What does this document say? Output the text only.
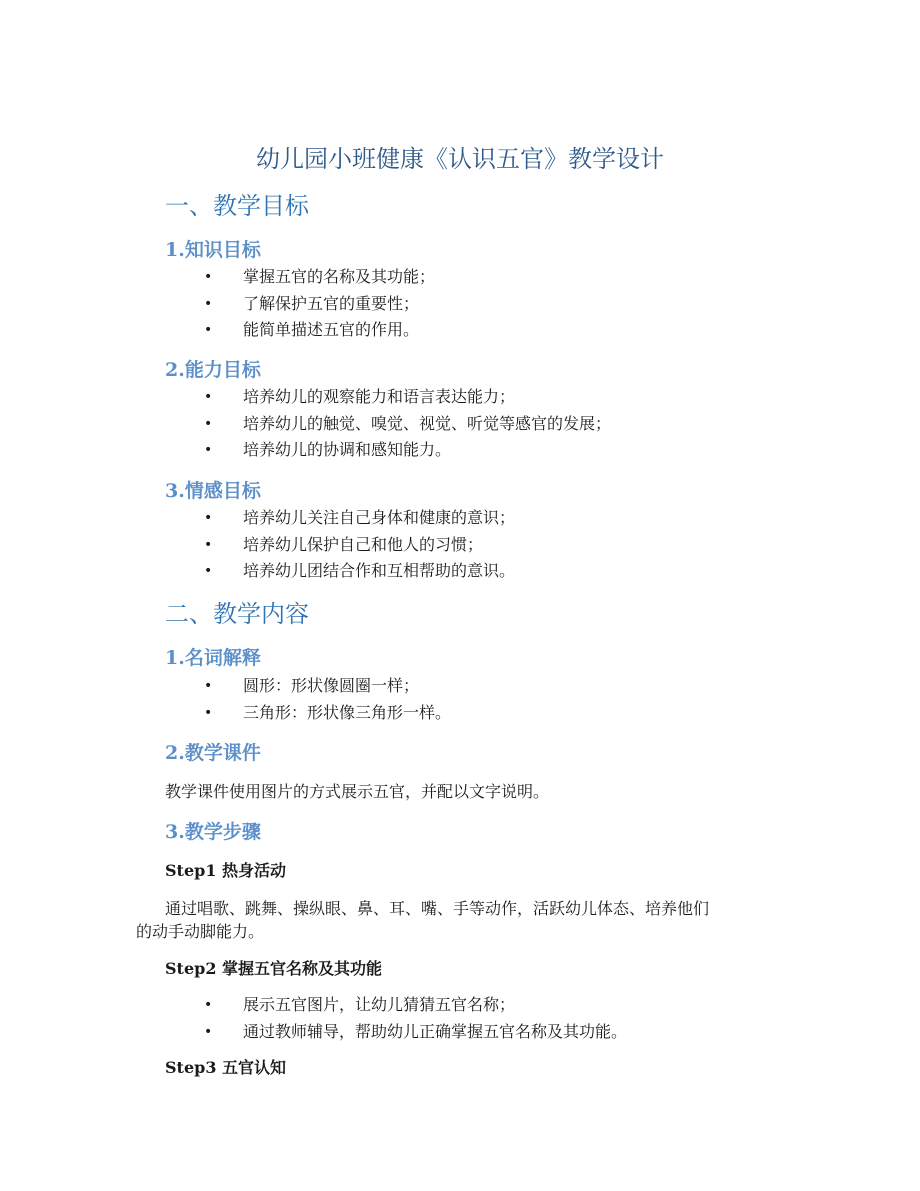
幼儿园小班健康《认识五官》教学设计
一、教学目标
1.知识目标
• 掌握五官的名称及其功能；
• 了解保护五官的重要性；
• 能简单描述五官的作用。
2.能力目标
• 培养幼儿的观察能力和语言表达能力；
• 培养幼儿的触觉、嗅觉、视觉、听觉等感官的发展；
• 培养幼儿的协调和感知能力。
3.情感目标
• 培养幼儿关注自己身体和健康的意识；
• 培养幼儿保护自己和他人的习惯；
• 培养幼儿团结合作和互相帮助的意识。
二、教学内容
1.名词解释
• 圆形：形状像圆圈一样；
• 三角形：形状像三角形一样。
2.教学课件
教学课件使用图片的方式展示五官，并配以文字说明。
3.教学步骤
Step1 热身活动
通过唱歌、跳舞、操纵眼、鼻、耳、嘴、手等动作，活跃幼儿体态、培养他们
的动手动脚能力。
Step2 掌握五官名称及其功能
• 展示五官图片，让幼儿猜猜五官名称；
• 通过教师辅导，帮助幼儿正确掌握五官名称及其功能。
Step3 五官认知
